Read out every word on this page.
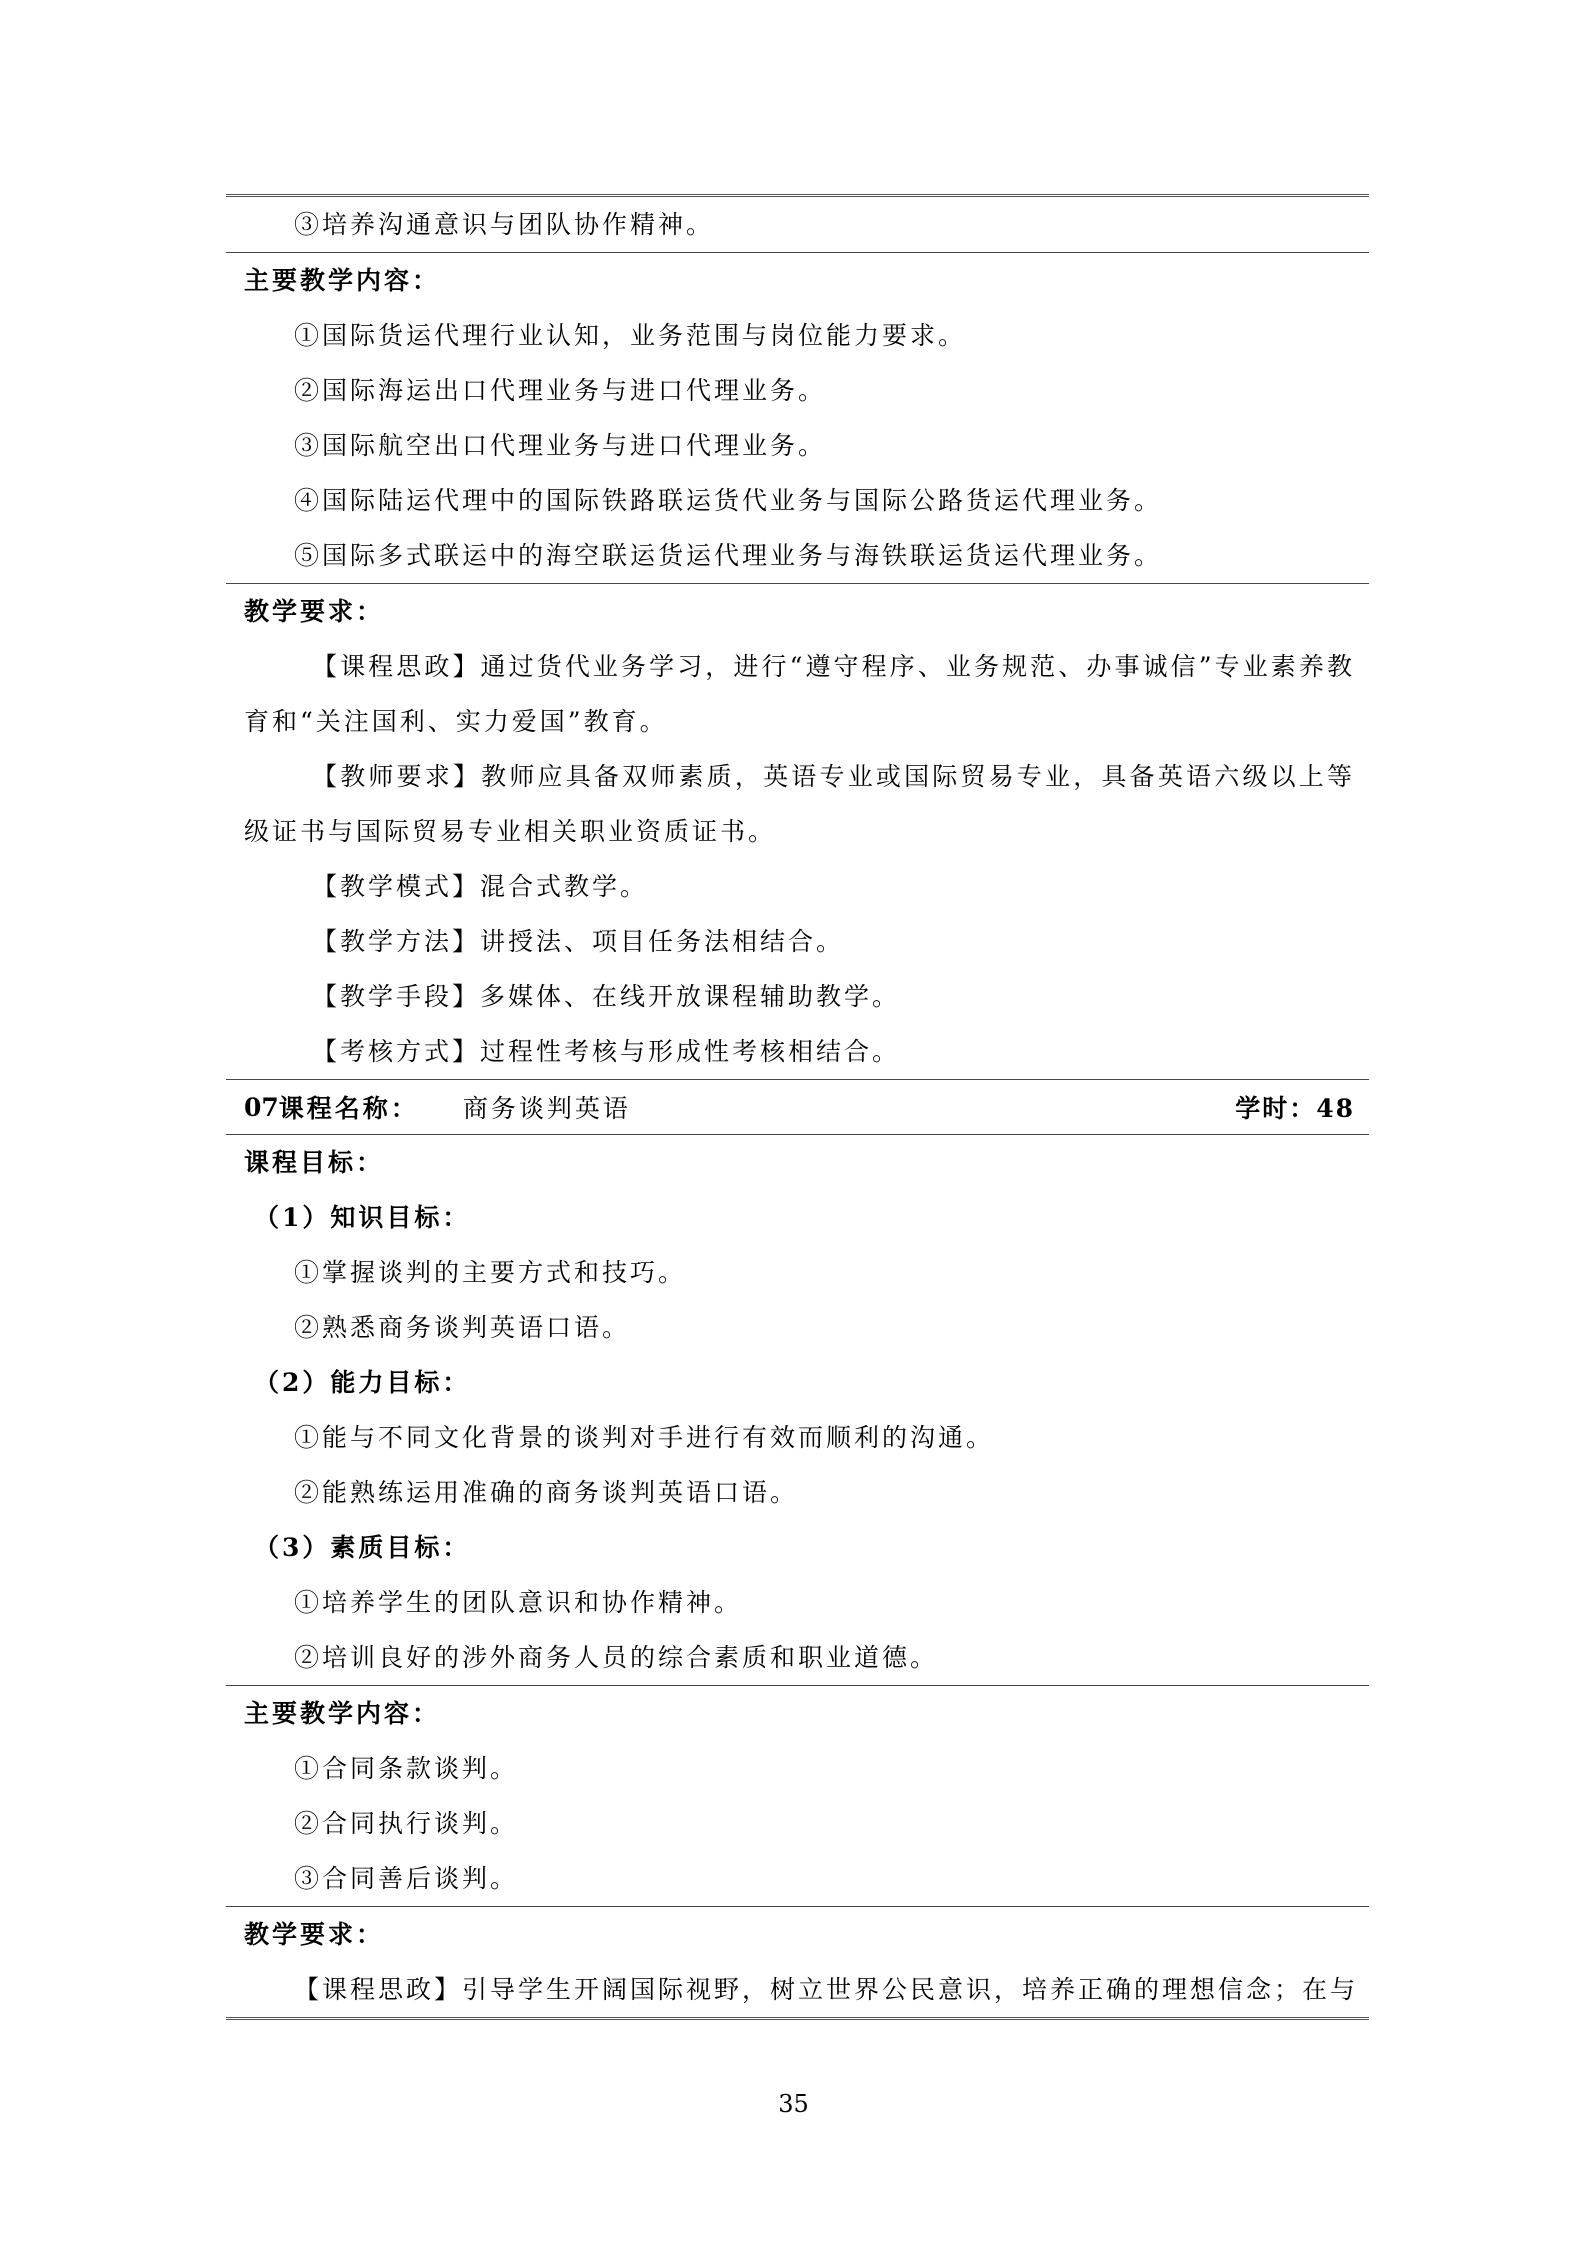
③培养沟通意识与团队协作精神。
主要教学内容：
①国际货运代理行业认知，业务范围与岗位能力要求。
②国际海运出口代理业务与进口代理业务。
③国际航空出口代理业务与进口代理业务。
④国际陆运代理中的国际铁路联运货代业务与国际公路货运代理业务。
⑤国际多式联运中的海空联运货运代理业务与海铁联运货运代理业务。
教学要求：
【课程思政】通过货代业务学习，进行“遵守程序、业务规范、办事诚信”专业素养教育和“关注国利、实力爱国”教育。
【教师要求】教师应具备双师素质，英语专业或国际贸易专业，具备英语六级以上等级证书与国际贸易专业相关职业资质证书。
【教学模式】混合式教学。
【教学方法】讲授法、项目任务法相结合。
【教学手段】多媒体、在线开放课程辅助教学。
【考核方式】过程性考核与形成性考核相结合。
07 课程名称： 商务谈判英语	学时：48
课程目标：
（1）知识目标：
①掌握谈判的主要方式和技巧。
②熟悉商务谈判英语口语。
（2）能力目标：
①能与不同文化背景的谈判对手进行有效而顺利的沟通。
②能熟练运用准确的商务谈判英语口语。
（3）素质目标：
①培养学生的团队意识和协作精神。
②培训良好的涉外商务人员的综合素质和职业道德。
主要教学内容：
①合同条款谈判。
②合同执行谈判。
③合同善后谈判。
教学要求：
【课程思政】引导学生开阔国际视野，树立世界公民意识，培养正确的理想信念；在与
35
